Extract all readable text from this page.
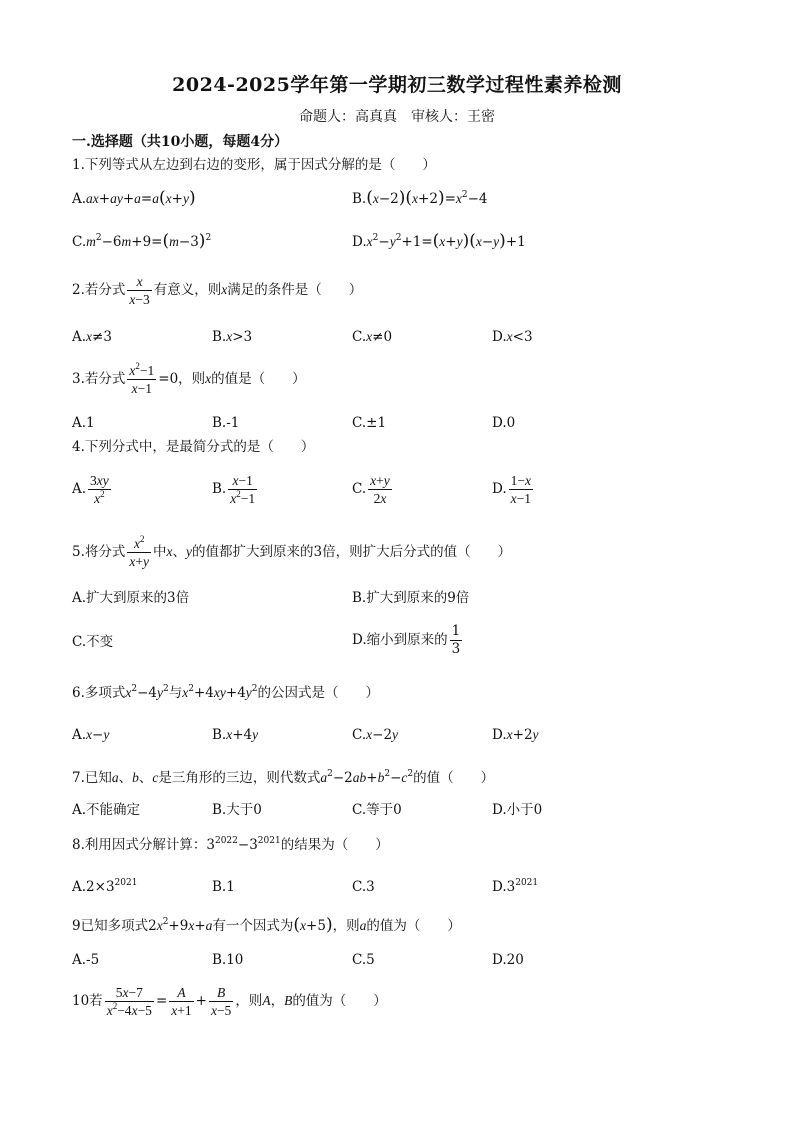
2024-2025学年第一学期初三数学过程性素养检测
命题人：高真真　审核人：王密
一.选择题（共10小题，每题4分）
1.下列等式从左边到右边的变形，属于因式分解的是（　　）
A.ax+ay+a=a(x+y)	$B.(x-2)(x+2)=x^2-4$
$C.m^2-6m+9=(m-3)^2$	$D.x^2-y^2+1=(x+y)(x-y)+1$
2.若分式 $\frac{x}{x-3}$ 有意义，则x满足的条件是（　　）
A.x≠3	B.x>3	C.x≠0	D.x<3
3.若分式 $\frac{x^2-1}{x-1} =0$，则x的值是（　　）
A.1	B.-1	C.±1	D.0
4.下列分式中，是最简分式的是（　　）
A. $\frac{3xy}{x^2}$	B. $\frac{x-1}{x^2-1}$	C. $\frac{x+y}{2x}$	D. $\frac{1-x}{x-1}$
5.将分式 $\frac{x^2}{x+y}$ 中x、y的值都扩大到原来的3倍，则扩大后分式的值（　　）
A.扩大到原来的3倍	B.扩大到原来的9倍
C.不变	D.缩小到原来的 $\frac{1}{3}$
6.多项式$x^2-4y^2$与$x^2+4xy+4y^2$的公因式是（　　）
A.x−y	B.x+4y	C.x−2y	D.x+2y
7.已知a、b、c是三角形的三边，则代数式$a^2-2ab+b^2-c^2$的值（　　）
A.不能确定	B.大于0	C.等于0	D.小于0
8.利用因式分解计算：$3^{2022}-3^{2021}$的结果为（　　）
$A.2\times 3^{2021}$	B.1	C.3	$D.3^{2021}$
9已知多项式$2x^2+9x+a$有一个因式为(x+5)，则a的值为（　　）
A.-5	B.10	C.5	D.20
10若 $\frac{5x-7}{x^2-4x-5} = \frac{A}{x+1} + \frac{B}{x-5}$ ，则A，B的值为（　　）
